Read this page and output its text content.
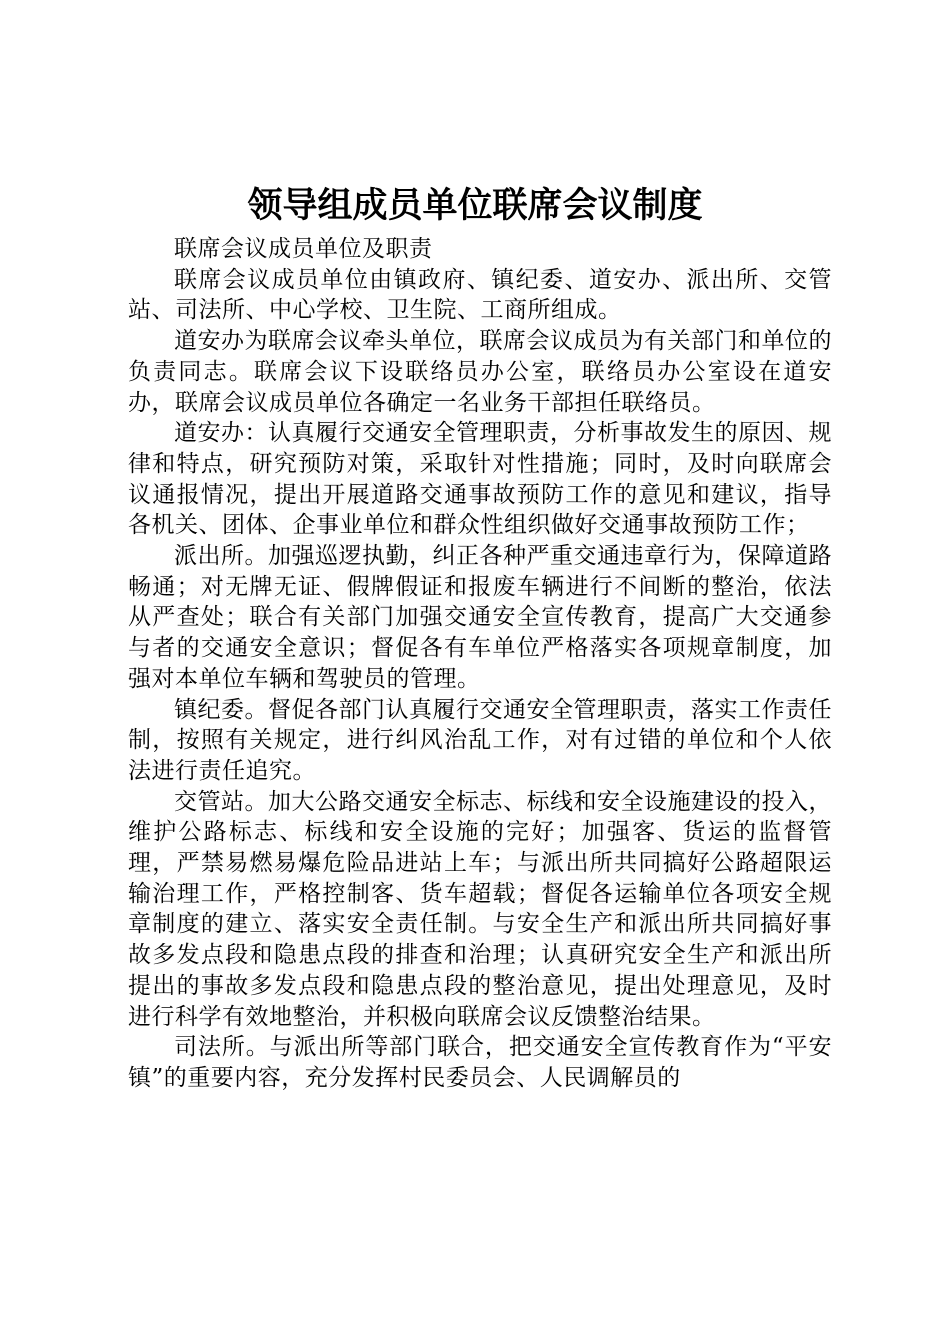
领导组成员单位联席会议制度

联席会议成员单位及职责

联席会议成员单位由镇政府、镇纪委、道安办、派出所、交管站、司法所、中心学校、卫生院、工商所组成。

道安办为联席会议牵头单位，联席会议成员为有关部门和单位的负责同志。联席会议下设联络员办公室，联络员办公室设在道安办，联席会议成员单位各确定一名业务干部担任联络员。

道安办：认真履行交通安全管理职责，分析事故发生的原因、规律和特点，研究预防对策，采取针对性措施；同时，及时向联席会议通报情况，提出开展道路交通事故预防工作的意见和建议，指导各机关、团体、企事业单位和群众性组织做好交通事故预防工作；

派出所。加强巡逻执勤，纠正各种严重交通违章行为，保障道路畅通；对无牌无证、假牌假证和报废车辆进行不间断的整治，依法从严查处；联合有关部门加强交通安全宣传教育，提高广大交通参与者的交通安全意识；督促各有车单位严格落实各项规章制度，加强对本单位车辆和驾驶员的管理。

镇纪委。督促各部门认真履行交通安全管理职责，落实工作责任制，按照有关规定，进行纠风治乱工作，对有过错的单位和个人依法进行责任追究。

交管站。加大公路交通安全标志、标线和安全设施建设的投入，维护公路标志、标线和安全设施的完好；加强客、货运的监督管理，严禁易燃易爆危险品进站上车；与派出所共同搞好公路超限运输治理工作，严格控制客、货车超载；督促各运输单位各项安全规章制度的建立、落实安全责任制。与安全生产和派出所共同搞好事故多发点段和隐患点段的排查和治理；认真研究安全生产和派出所提出的事故多发点段和隐患点段的整治意见，提出处理意见，及时进行科学有效地整治，并积极向联席会议反馈整治结果。

司法所。与派出所等部门联合，把交通安全宣传教育作为“平安镇”的重要内容，充分发挥村民委员会、人民调解员的
